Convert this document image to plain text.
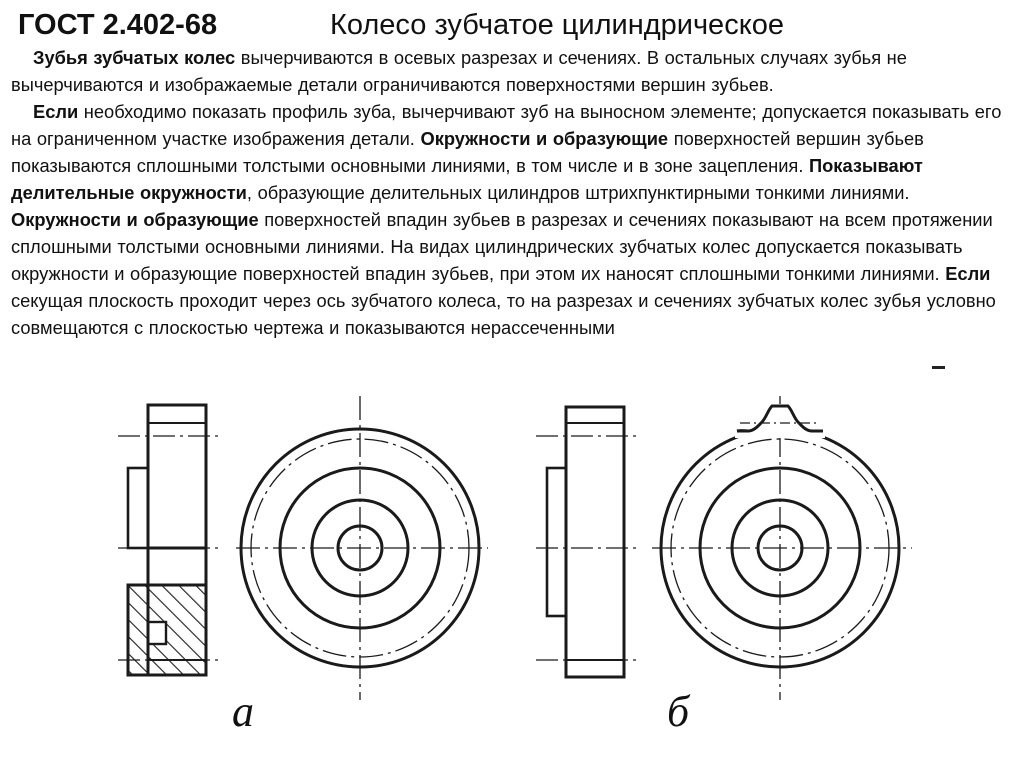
ГОСТ 2.402-68	Колесо зубчатое цилиндрическое

Зубья зубчатых колес вычерчиваются в осевых разрезах и сечениях. В остальных случаях зубья не вычерчиваются и изображаемые детали ограничиваются поверхностями вершин зубьев.

Если необходимо показать профиль зуба, вычерчивают зуб на выносном элементе; допускается показывать его на ограниченном участке изображения детали. Окружности и образующие поверхностей вершин зубьев показываются сплошными толстыми основными линиями, в том числе и в зоне зацепления. Показывают делительные окружности, образующие делительных цилиндров штрихпунктирными тонкими линиями. Окружности и образующие поверхностей впадин зубьев в разрезах и сечениях показывают на всем протяжении сплошными толстыми основными линиями. На видах цилиндрических зубчатых колес допускается показывать окружности и образующие поверхностей впадин зубьев, при этом их наносят сплошными тонкими линиями. Если секущая плоскость проходит через ось зубчатого колеса, то на разрезах и сечениях зубчатых колес зубья условно совмещаются с плоскостью чертежа и показываются нерассеченными

а	б
